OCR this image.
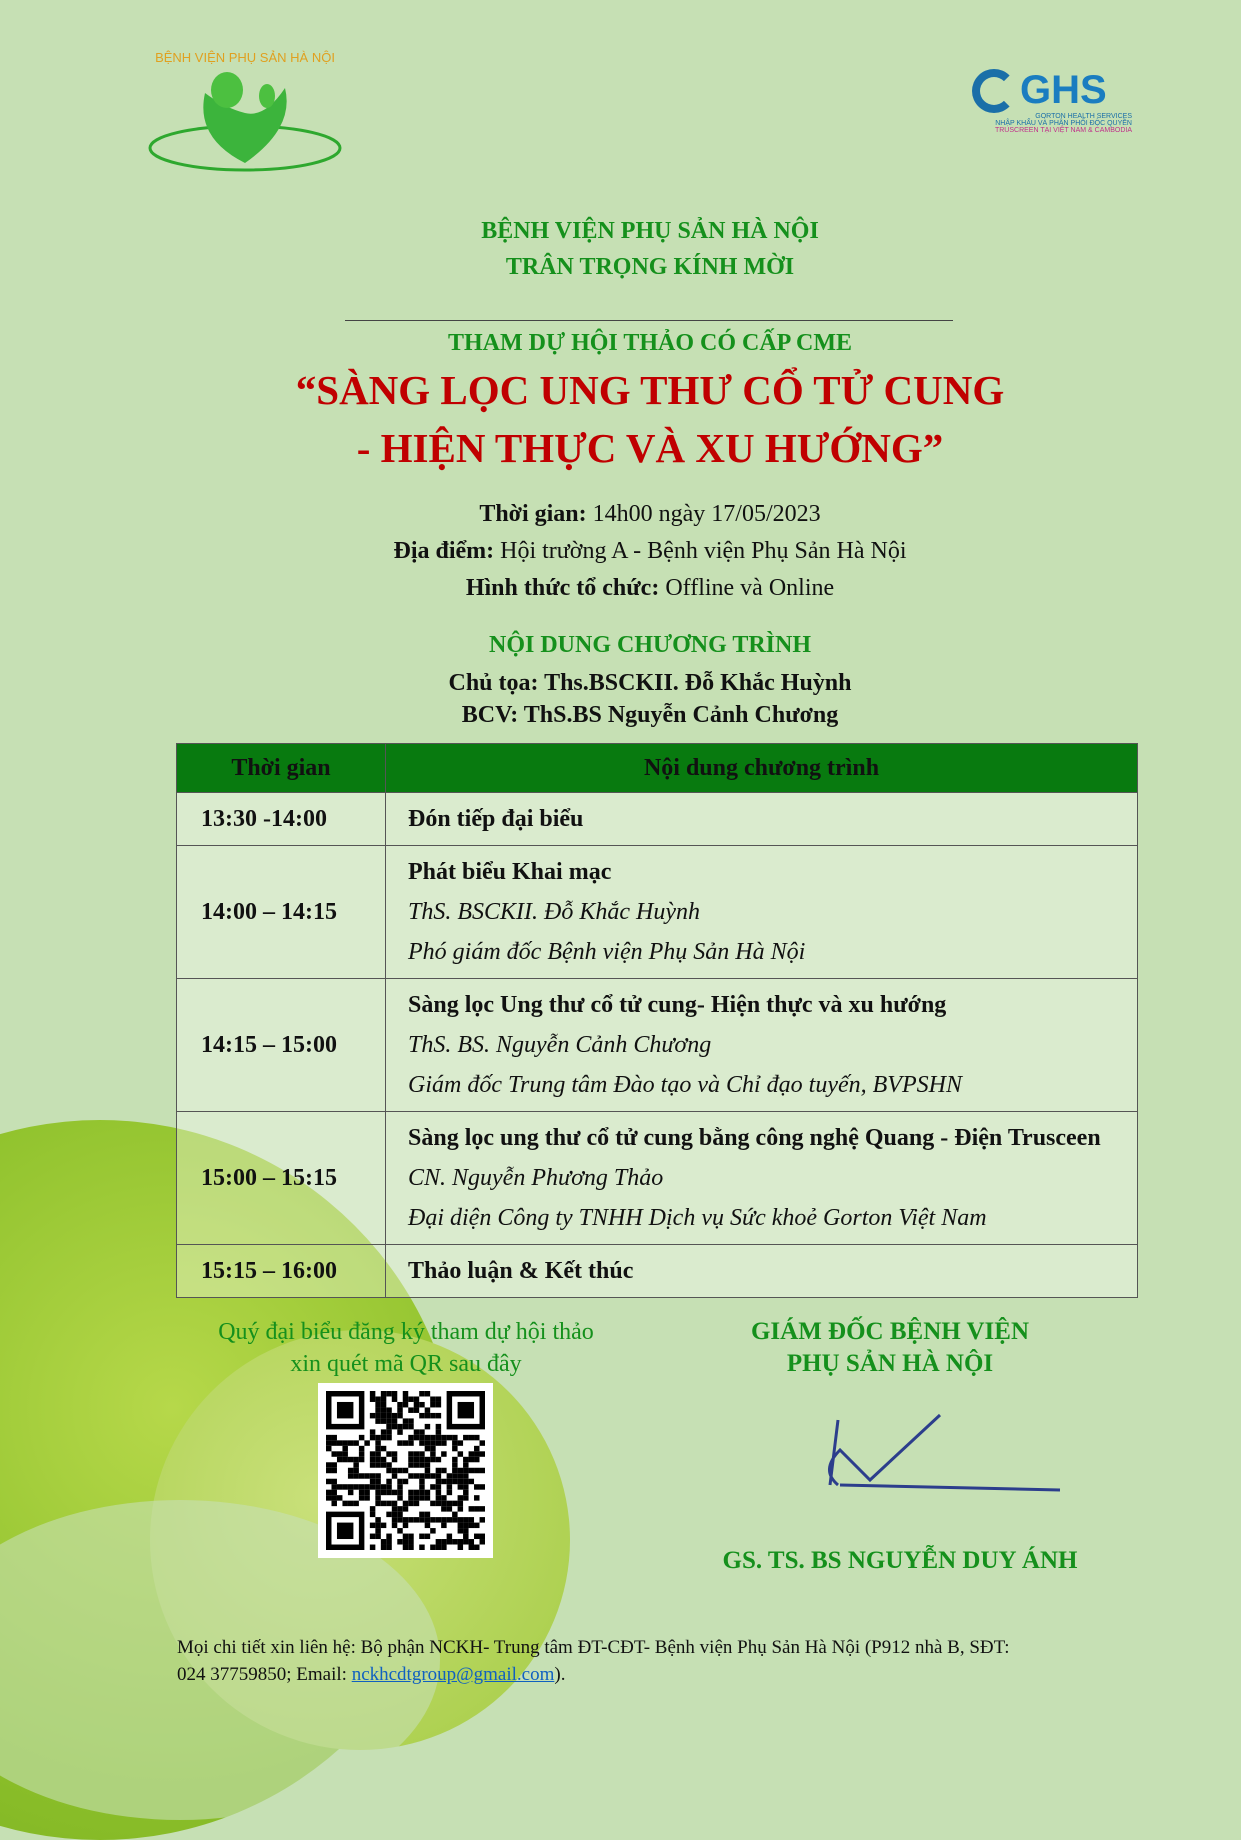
BỆNH VIỆN PHỤ SẢN HÀ NỘI
GHS
GORTON HEALTH SERVICES
NHẬP KHẨU VÀ PHÂN PHỐI ĐỘC QUYỀN
TRUSCREEN TẠI VIỆT NAM & CAMBODIA
BỆNH VIỆN PHỤ SẢN HÀ NỘI
TRÂN TRỌNG KÍNH MỜI
THAM DỰ HỘI THẢO CÓ CẤP CME
“SÀNG LỌC UNG THƯ CỔ TỬ CUNG
- HIỆN THỰC VÀ XU HƯỚNG”
Thời gian: 14h00 ngày 17/05/2023
Địa điểm: Hội trường A - Bệnh viện Phụ Sản Hà Nội
Hình thức tổ chức: Offline và Online
NỘI DUNG CHƯƠNG TRÌNH
Chủ tọa: Ths.BSCKII. Đỗ Khắc Huỳnh
BCV: ThS.BS Nguyễn Cảnh Chương
Thời gian	Nội dung chương trình
13:30 -14:00	Đón tiếp đại biểu

14:00 – 14:15	Phát biểu Khai mạc
ThS. BSCKII. Đỗ Khắc Huỳnh
Phó giám đốc Bệnh viện Phụ Sản Hà Nội

14:15 – 15:00	Sàng lọc Ung thư cổ tử cung- Hiện thực và xu hướng
ThS. BS. Nguyễn Cảnh Chương
Giám đốc Trung tâm Đào tạo và Chỉ đạo tuyến, BVPSHN

15:00 – 15:15	Sàng lọc ung thư cổ tử cung bằng công nghệ Quang - Điện Trusceen
CN. Nguyễn Phương Thảo
Đại diện Công ty TNHH Dịch vụ Sức khoẻ Gorton Việt Nam

15:15 – 16:00	Thảo luận & Kết thúc
Quý đại biểu đăng ký tham dự hội thảo
xin quét mã QR sau đây
GIÁM ĐỐC BỆNH VIỆN
PHỤ SẢN HÀ NỘI
GS. TS. BS NGUYỄN DUY ÁNH
Mọi chi tiết xin liên hệ: Bộ phận NCKH- Trung tâm ĐT-CĐT- Bệnh viện Phụ Sản Hà Nội (P912 nhà B, SĐT:
024 37759850; Email: nckhcdtgroup@gmail.com).
